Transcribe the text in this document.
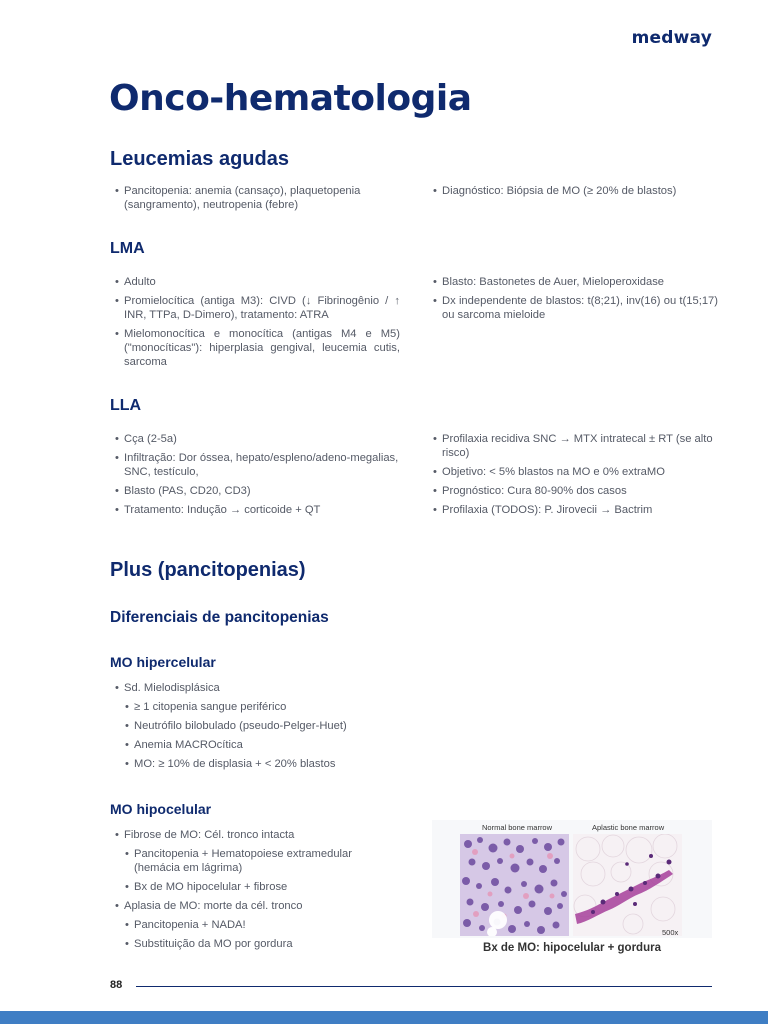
medway
Onco-hematologia
Leucemias agudas
• Pancitopenia: anemia (cansaço), plaquetopenia (sangramento), neutropenia (febre)
• Diagnóstico: Biópsia de MO (≥ 20% de blastos)
LMA
• Adulto
• Promielocítica (antiga M3): CIVD (↓ Fibrinogênio / ↑ INR, TTPa, D-Dimero), tratamento: ATRA
• Mielomonocítica e monocítica (antigas M4 e M5) ("monocíticas"): hiperplasia gengival, leucemia cutis, sarcoma
• Blasto: Bastonetes de Auer, Mieloperoxidase
• Dx independente de blastos: t(8;21), inv(16) ou t(15;17) ou sarcoma mieloide
LLA
• Cça (2-5a)
• Infiltração: Dor óssea, hepato/espleno/adeno-megalias, SNC, testículo,
• Blasto (PAS, CD20, CD3)
• Tratamento: Indução → corticoide + QT
• Profilaxia recidiva SNC → MTX intratecal ± RT (se alto risco)
• Objetivo: < 5% blastos na MO e 0% extraMO
• Prognóstico: Cura 80-90% dos casos
• Profilaxia (TODOS): P. Jirovecii → Bactrim
Plus (pancitopenias)
Diferenciais de pancitopenias
MO hipercelular
• Sd. Mielodisplásica
• ≥ 1 citopenia sangue periférico
• Neutrófilo bilobulado (pseudo-Pelger-Huet)
• Anemia MACROcítica
• MO: ≥ 10% de displasia + < 20% blastos
MO hipocelular
• Fibrose de MO: Cél. tronco intacta
• Pancitopenia + Hematopoiese extramedular (hemácia em lágrima)
• Bx de MO hipocelular + fibrose
• Aplasia de MO: morte da cél. tronco
• Pancitopenia + NADA!
• Substituição da MO por gordura
Normal bone marrow	Aplastic bone marrow
500x
Bx de MO: hipocelular + gordura
88
